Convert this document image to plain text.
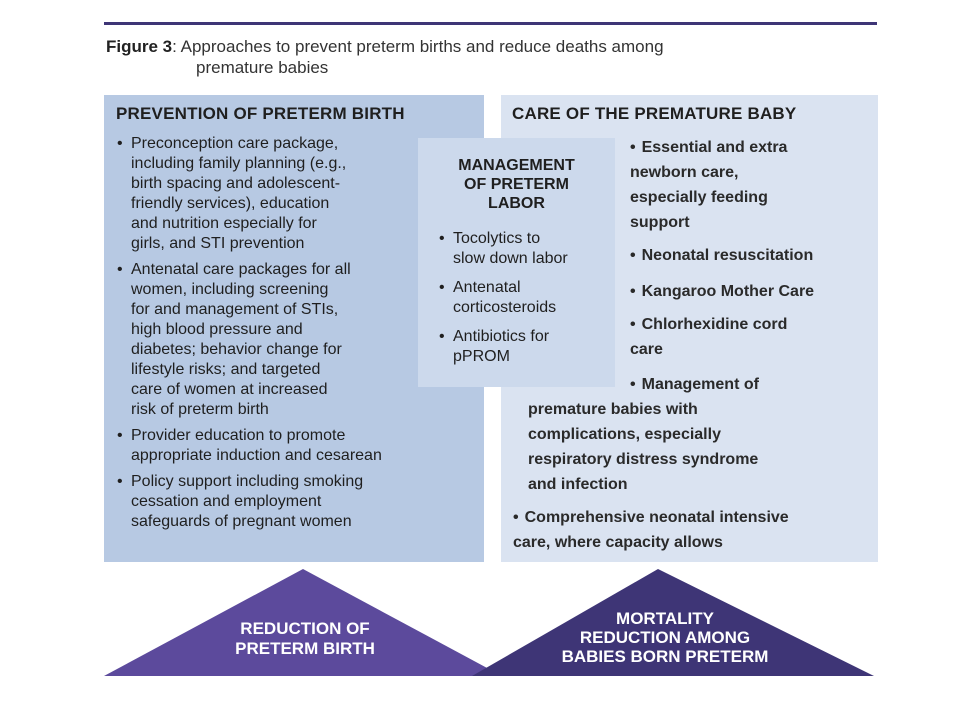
Figure 3: Approaches to prevent preterm births and reduce deaths among
premature babies
PREVENTION OF PRETERM BIRTH	CARE OF THE PREMATURE BABY
• Preconception care package,
including family planning (e.g.,
birth spacing and adolescent-
friendly services), education
and nutrition especially for
girls, and STI prevention
• Antenatal care packages for all
women, including screening
for and management of STIs,
high blood pressure and
diabetes; behavior change for
lifestyle risks; and targeted
care of women at increased
risk of preterm birth
• Provider education to promote
appropriate induction and cesarean
• Policy support including smoking
cessation and employment
safeguards of pregnant women
MANAGEMENT
OF PRETERM
LABOR
• Tocolytics to
slow down labor
• Antenatal
corticosteroids
• Antibiotics for
pPROM
• Essential and extra
newborn care,
especially feeding
support
• Neonatal resuscitation
• Kangaroo Mother Care
• Chlorhexidine cord
care
• Management of
premature babies with
complications, especially
respiratory distress syndrome
and infection
• Comprehensive neonatal intensive
care, where capacity allows
REDUCTION OF
PRETERM BIRTH
MORTALITY
REDUCTION AMONG
BABIES BORN PRETERM
